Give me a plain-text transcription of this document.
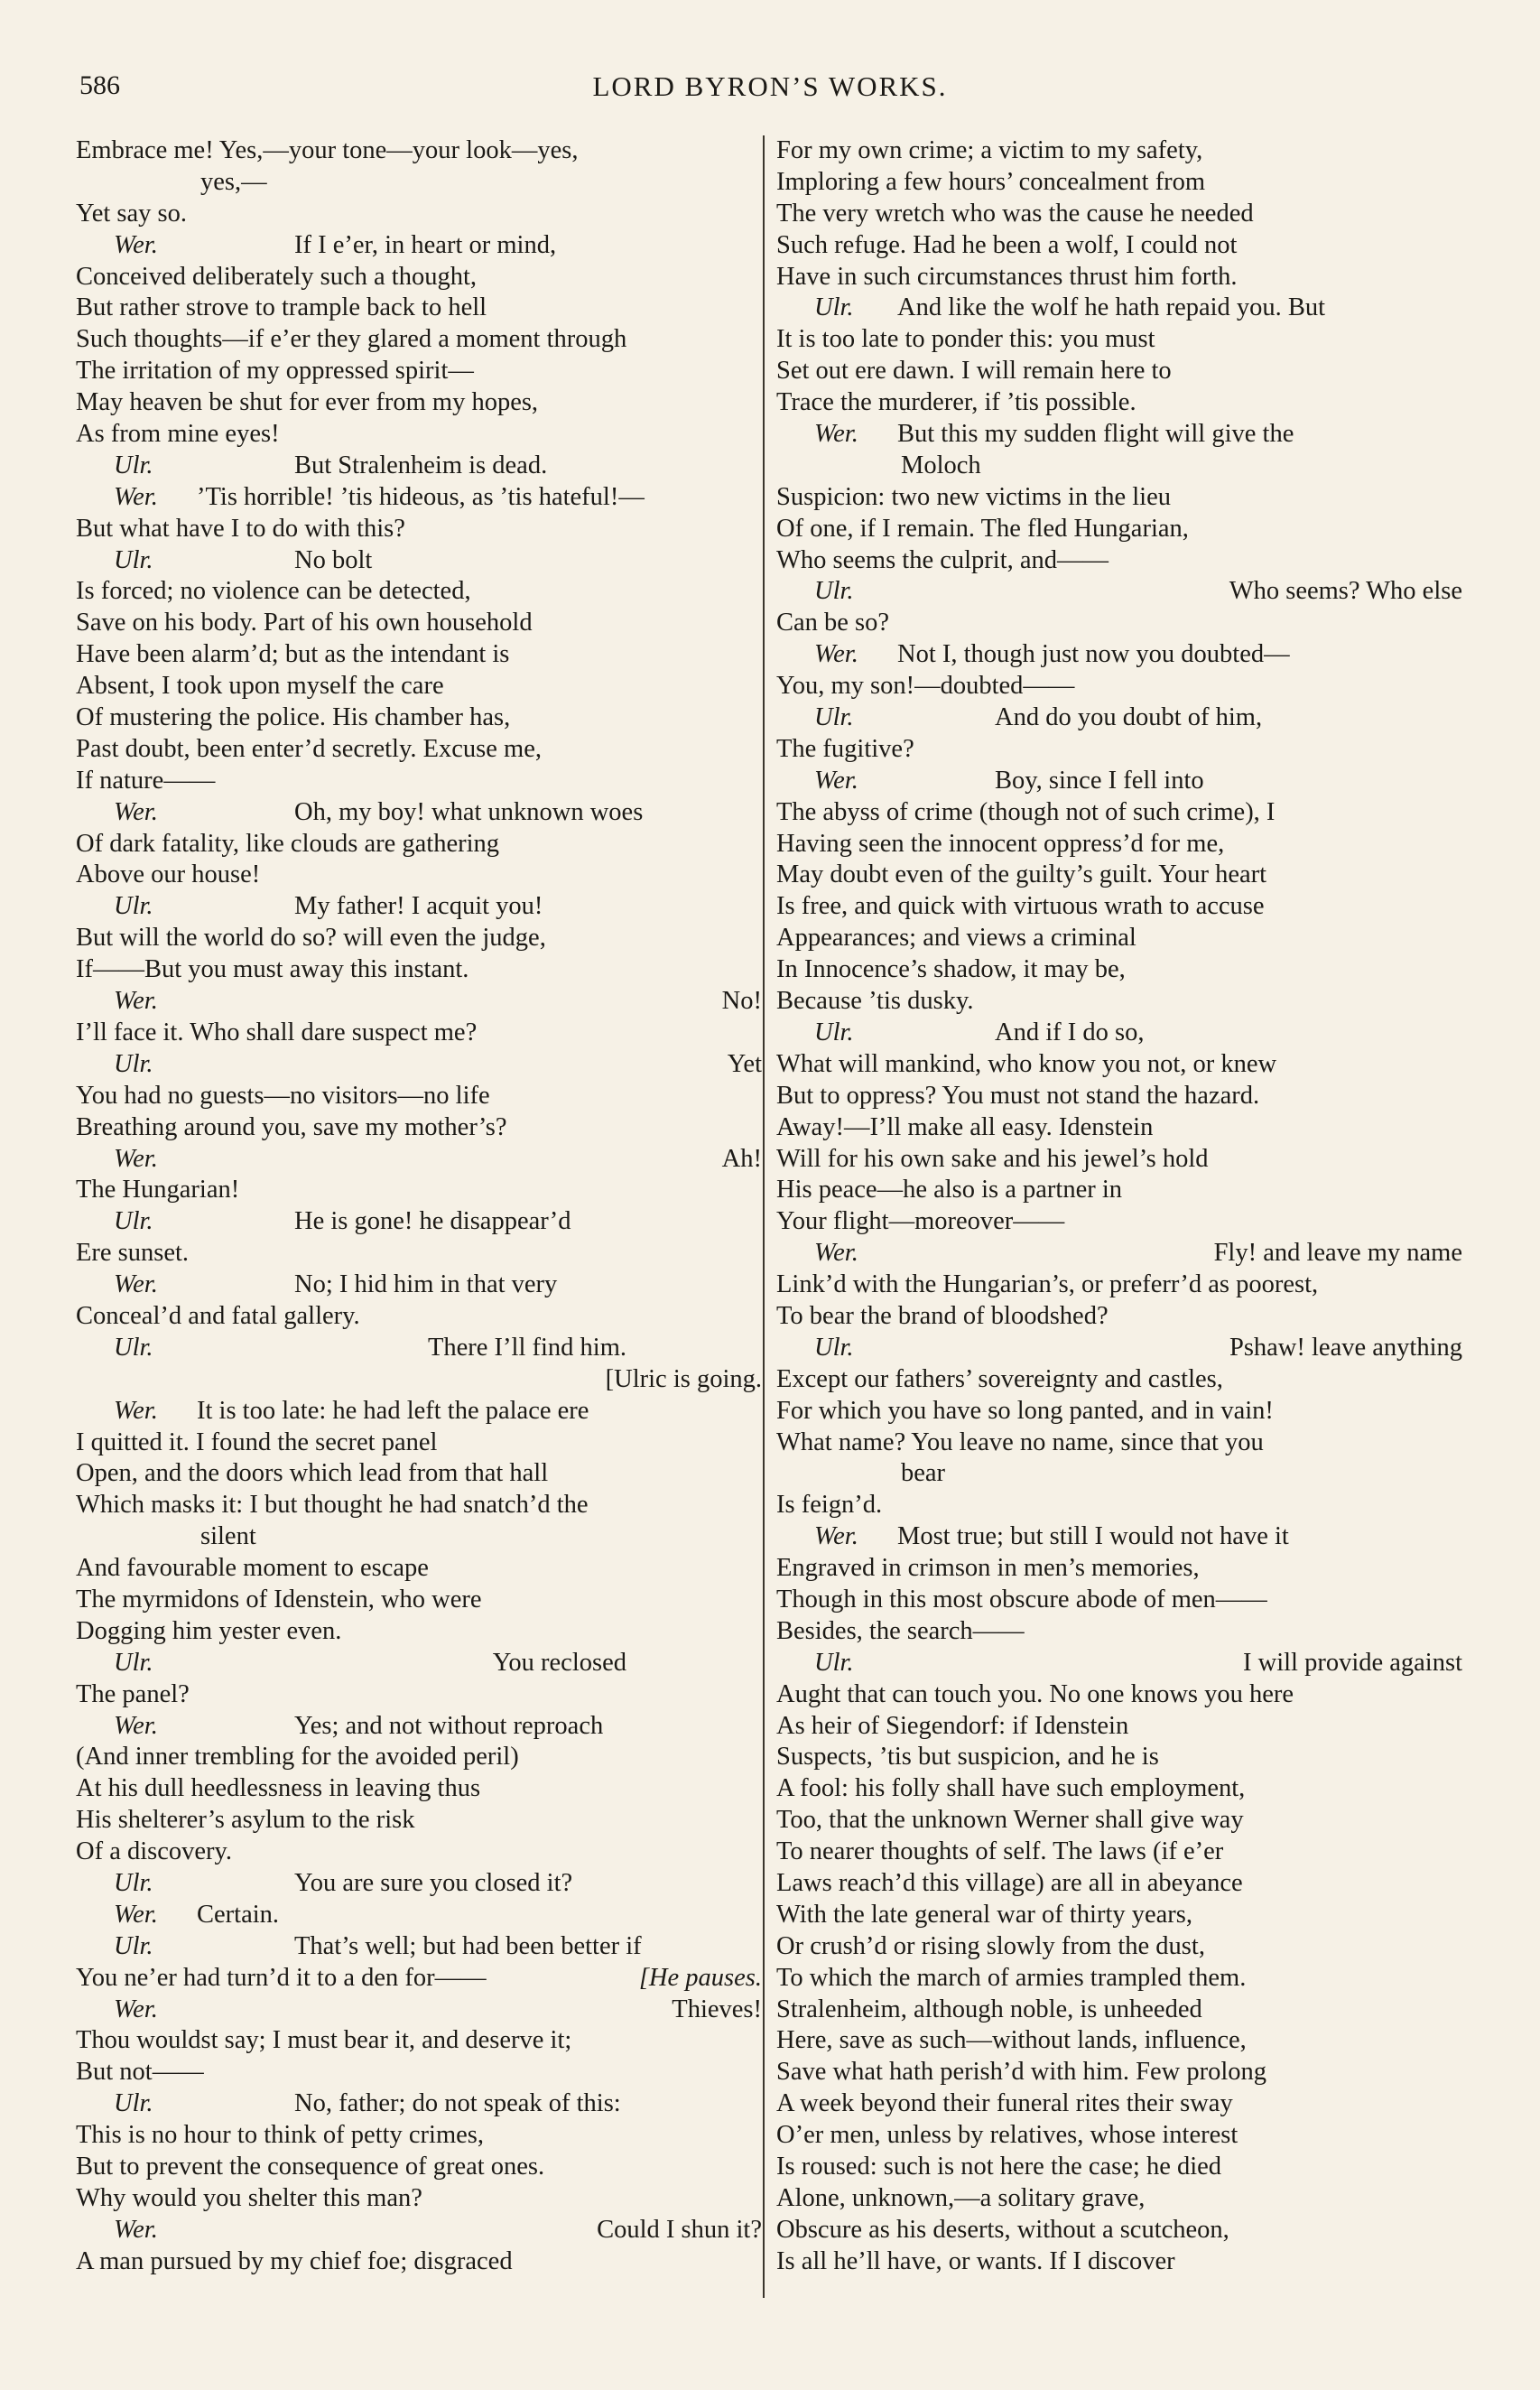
586	LORD BYRON’S WORKS.
Embrace me! Yes,—your tone—your look—yes,
yes,—
Yet say so.
Wer.	If I e’er, in heart or mind,
Conceived deliberately such a thought,
But rather strove to trample back to hell
Such thoughts—if e’er they glared a moment through
The irritation of my oppressed spirit—
May heaven be shut for ever from my hopes,
As from mine eyes!
Ulr.	But Stralenheim is dead.
Wer.	’Tis horrible! ’tis hideous, as ’tis hateful!—
But what have I to do with this?
Ulr.	No bolt
Is forced; no violence can be detected,
Save on his body. Part of his own household
Have been alarm’d; but as the intendant is
Absent, I took upon myself the care
Of mustering the police. His chamber has,
Past doubt, been enter’d secretly. Excuse me,
If nature——
Wer.	Oh, my boy! what unknown woes
Of dark fatality, like clouds are gathering
Above our house!
Ulr.	My father! I acquit you!
But will the world do so? will even the judge,
If——But you must away this instant.
Wer.	No!
I’ll face it. Who shall dare suspect me?
Ulr.	Yet
You had no guests—no visitors—no life
Breathing around you, save my mother’s?
Wer.	Ah!
The Hungarian!
Ulr.	He is gone! he disappear’d
Ere sunset.
Wer.	No; I hid him in that very
Conceal’d and fatal gallery.
Ulr.	There I’ll find him.
[Ulric is going.
Wer.	It is too late: he had left the palace ere
I quitted it. I found the secret panel
Open, and the doors which lead from that hall
Which masks it: I but thought he had snatch’d the
silent
And favourable moment to escape
The myrmidons of Idenstein, who were
Dogging him yester even.
Ulr.	You reclosed
The panel?
Wer.	Yes; and not without reproach
(And inner trembling for the avoided peril)
At his dull heedlessness in leaving thus
His shelterer’s asylum to the risk
Of a discovery.
Ulr.	You are sure you closed it?
Wer.	Certain.
Ulr.	That’s well; but had been better if
You ne’er had turn’d it to a den for——	[He pauses.
Wer.	Thieves!
Thou wouldst say; I must bear it, and deserve it;
But not——
Ulr.	No, father; do not speak of this:
This is no hour to think of petty crimes,
But to prevent the consequence of great ones.
Why would you shelter this man?
Wer.	Could I shun it?
A man pursued by my chief foe; disgraced
For my own crime; a victim to my safety,
Imploring a few hours’ concealment from
The very wretch who was the cause he needed
Such refuge. Had he been a wolf, I could not
Have in such circumstances thrust him forth.
Ulr.	And like the wolf he hath repaid you. But
It is too late to ponder this: you must
Set out ere dawn. I will remain here to
Trace the murderer, if ’tis possible.
Wer.	But this my sudden flight will give the
Moloch
Suspicion: two new victims in the lieu
Of one, if I remain. The fled Hungarian,
Who seems the culprit, and——
Ulr.	Who seems? Who else
Can be so?
Wer.	Not I, though just now you doubted—
You, my son!—doubted——
Ulr.	And do you doubt of him,
The fugitive?
Wer.	Boy, since I fell into
The abyss of crime (though not of such crime), I
Having seen the innocent oppress’d for me,
May doubt even of the guilty’s guilt. Your heart
Is free, and quick with virtuous wrath to accuse
Appearances; and views a criminal
In Innocence’s shadow, it may be,
Because ’tis dusky.
Ulr.	And if I do so,
What will mankind, who know you not, or knew
But to oppress? You must not stand the hazard.
Away!—I’ll make all easy. Idenstein
Will for his own sake and his jewel’s hold
His peace—he also is a partner in
Your flight—moreover——
Wer.	Fly! and leave my name
Link’d with the Hungarian’s, or preferr’d as poorest,
To bear the brand of bloodshed?
Ulr.	Pshaw! leave anything
Except our fathers’ sovereignty and castles,
For which you have so long panted, and in vain!
What name? You leave no name, since that you
bear
Is feign’d.
Wer.	Most true; but still I would not have it
Engraved in crimson in men’s memories,
Though in this most obscure abode of men——
Besides, the search——
Ulr.	I will provide against
Aught that can touch you. No one knows you here
As heir of Siegendorf: if Idenstein
Suspects, ’tis but suspicion, and he is
A fool: his folly shall have such employment,
Too, that the unknown Werner shall give way
To nearer thoughts of self. The laws (if e’er
Laws reach’d this village) are all in abeyance
With the late general war of thirty years,
Or crush’d or rising slowly from the dust,
To which the march of armies trampled them.
Stralenheim, although noble, is unheeded
Here, save as such—without lands, influence,
Save what hath perish’d with him. Few prolong
A week beyond their funeral rites their sway
O’er men, unless by relatives, whose interest
Is roused: such is not here the case; he died
Alone, unknown,—a solitary grave,
Obscure as his deserts, without a scutcheon,
Is all he’ll have, or wants. If I discover
